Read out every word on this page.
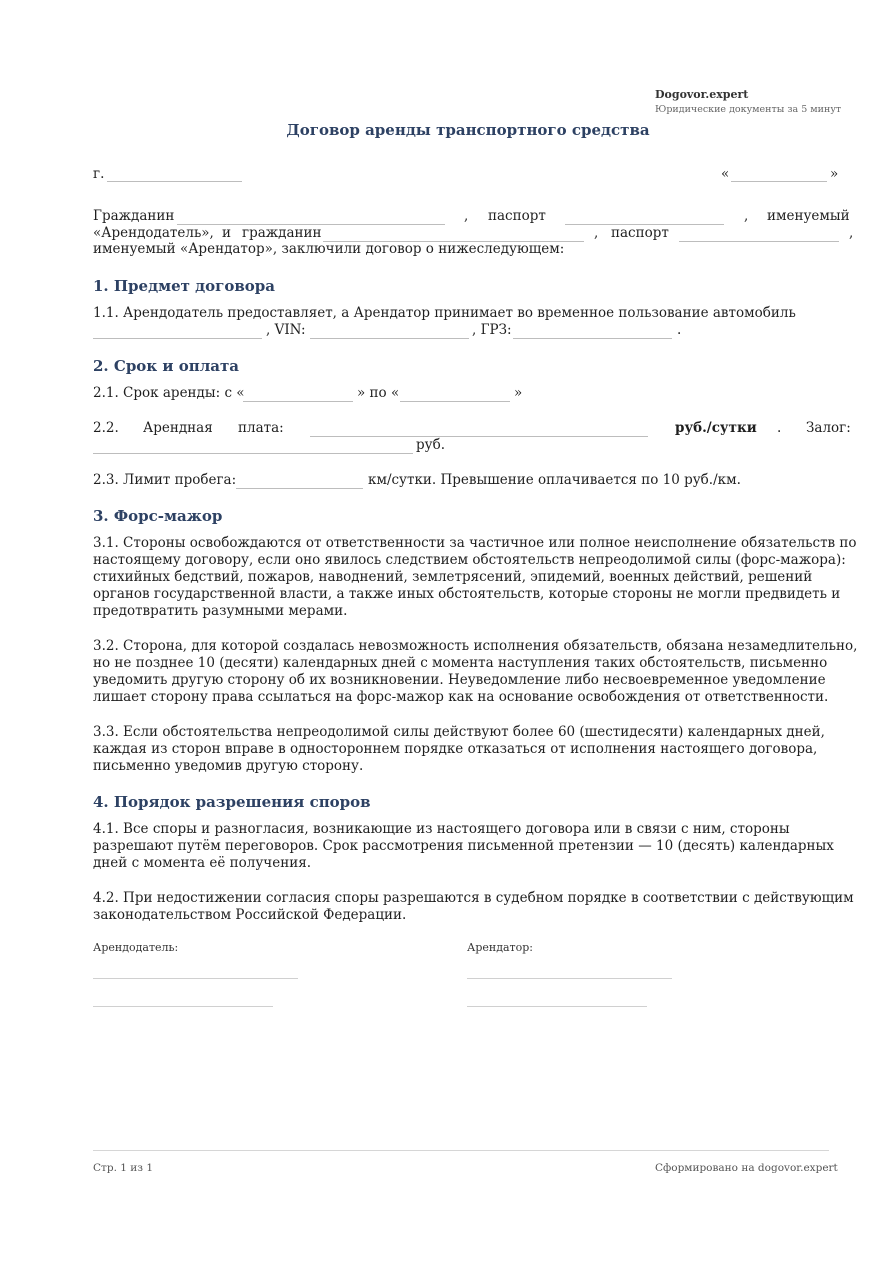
Dogovor.expert
Юридические документы за 5 минут
Договор аренды транспортного средства
г.	«	»
Гражданин	, паспорт	, именуемый
«Арендодатель», и гражданин	, паспорт	,
именуемый «Арендатор», заключили договор о нижеследующем:
1. Предмет договора
1.1. Арендодатель предоставляет, а Арендатор принимает во временное пользование автомобиль
, VIN:	, ГРЗ:	.
2. Срок и оплата
2.1. Срок аренды: с «	» по «	»
2.2. Арендная плата:	руб./сутки . Залог:
руб.
2.3. Лимит пробега:	км/сутки. Превышение оплачивается по 10 руб./км.
3. Форс-мажор
3.1. Стороны освобождаются от ответственности за частичное или полное неисполнение обязательств по настоящему договору, если оно явилось следствием обстоятельств непреодолимой силы (форс-мажора): стихийных бедствий, пожаров, наводнений, землетрясений, эпидемий, военных действий, решений органов государственной власти, а также иных обстоятельств, которые стороны не могли предвидеть и предотвратить разумными мерами.
3.2. Сторона, для которой создалась невозможность исполнения обязательств, обязана незамедлительно, но не позднее 10 (десяти) календарных дней с момента наступления таких обстоятельств, письменно уведомить другую сторону об их возникновении. Неуведомление либо несвоевременное уведомление лишает сторону права ссылаться на форс-мажор как на основание освобождения от ответственности.
3.3. Если обстоятельства непреодолимой силы действуют более 60 (шестидесяти) календарных дней, каждая из сторон вправе в одностороннем порядке отказаться от исполнения настоящего договора, письменно уведомив другую сторону.
4. Порядок разрешения споров
4.1. Все споры и разногласия, возникающие из настоящего договора или в связи с ним, стороны разрешают путём переговоров. Срок рассмотрения письменной претензии — 10 (десять) календарных дней с момента её получения.
4.2. При недостижении согласия споры разрешаются в судебном порядке в соответствии с действующим законодательством Российской Федерации.
Арендодатель:	Арендатор:
Стр. 1 из 1	Сформировано на dogovor.expert
